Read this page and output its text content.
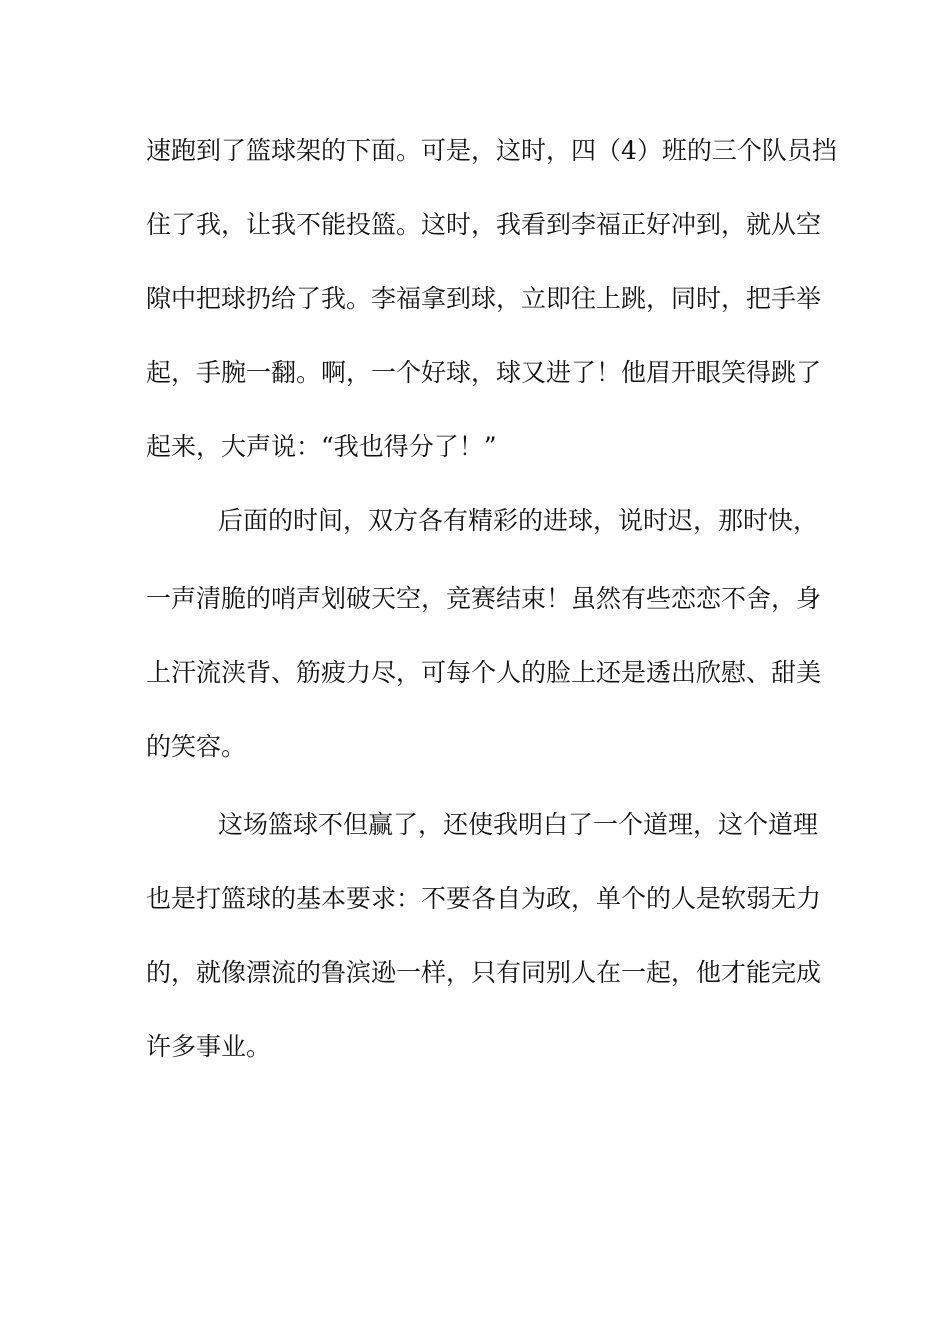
速跑到了篮球架的下面。可是，这时，四（4）班的三个队员挡

住了我，让我不能投篮。这时，我看到李福正好冲到，就从空

隙中把球扔给了我。李福拿到球，立即往上跳，同时，把手举

起，手腕一翻。啊，一个好球，球又进了！他眉开眼笑得跳了

起来，大声说：“我也得分了！”

后面的时间，双方各有精彩的进球，说时迟，那时快，

一声清脆的哨声划破天空，竞赛结束！虽然有些恋恋不舍，身

上汗流浃背、筋疲力尽，可每个人的脸上还是透出欣慰、甜美

的笑容。

这场篮球不但赢了，还使我明白了一个道理，这个道理

也是打篮球的基本要求：不要各自为政，单个的人是软弱无力

的，就像漂流的鲁滨逊一样，只有同别人在一起，他才能完成

许多事业。
